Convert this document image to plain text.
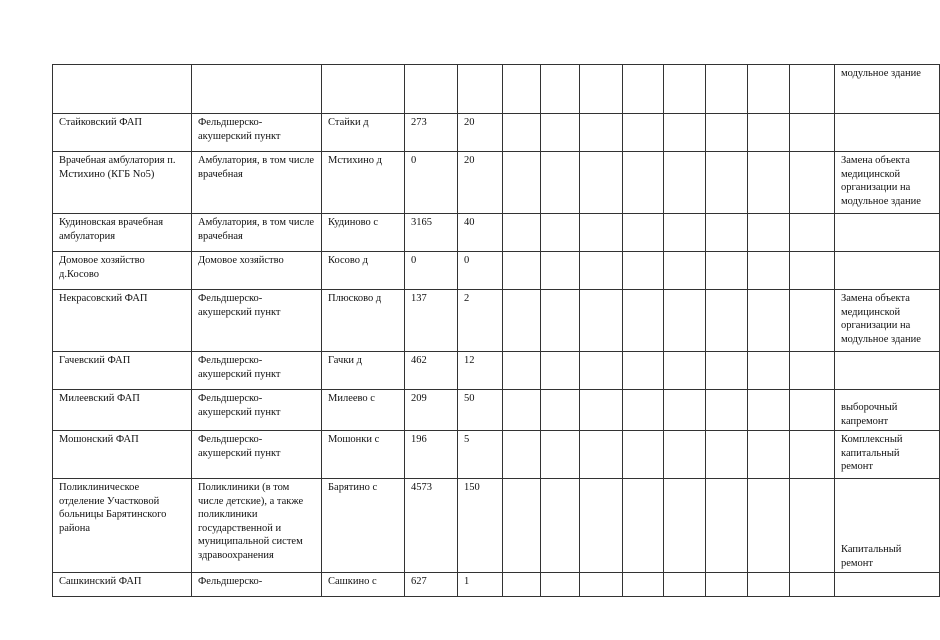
													модульное здание
Стайковский ФАП	Фельдшерско-акушерский пункт	Стайки д	273	20									
Врачебная амбулатория п. Мстихино (КГБ No5)	Амбулатория, в том числе врачебная	Мстихино д	0	20									Замена объекта медицинской организации на модульное здание
Кудиновская врачебная амбулатория	Амбулатория, в том числе врачебная	Кудиново с	3165	40									
Домовое хозяйство д.Косово	Домовое хозяйство	Косово д	0	0									
Некрасовский ФАП	Фельдшерско-акушерский пункт	Плюсково д	137	2									Замена объекта медицинской организации на модульное здание
Гачевский ФАП	Фельдшерско-акушерский пункт	Гачки д	462	12									
Милеевский ФАП	Фельдшерско-акушерский пункт	Милеево с	209	50									выборочный капремонт
Мошонский ФАП	Фельдшерско-акушерский пункт	Мошонки с	196	5									Комплексный капитальный ремонт
Поликлиническое отделение Участковой больницы Барятинского района	Поликлиники (в том числе детские), а также поликлиники государственной и муниципальной систем здравоохранения	Барятино с	4573	150									Капитальный ремонт
Сашкинский ФАП	Фельдшерско-	Сашкино с	627	1									
